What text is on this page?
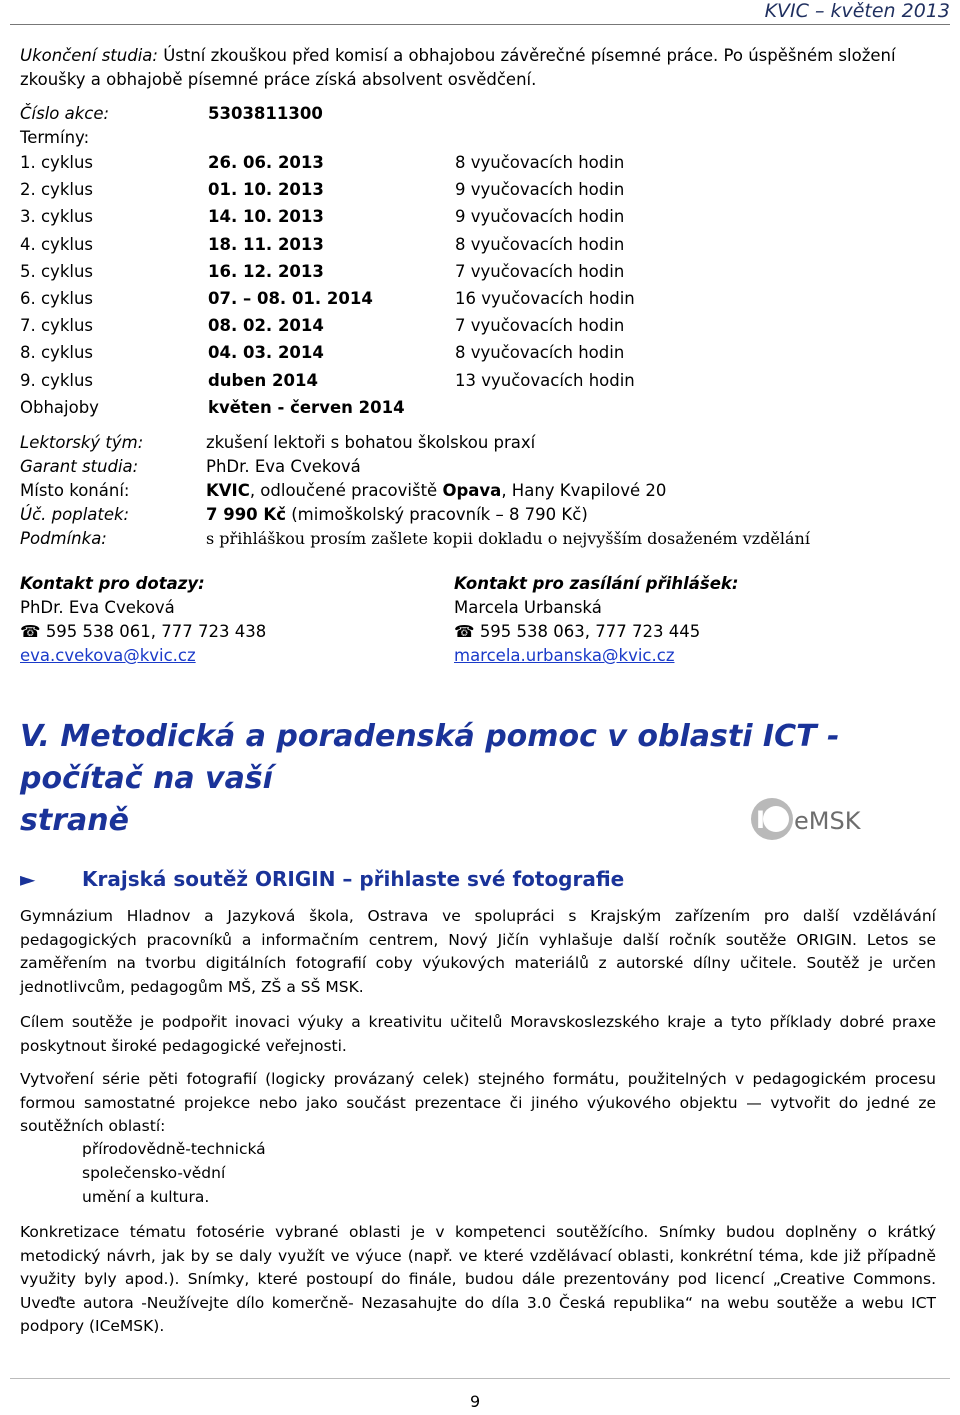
KVIC – květen 2013
Ukončení studia: Ústní zkouškou před komisí a obhajobou závěrečné písemné práce. Po úspěšném složení zkoušky a obhajobě písemné práce získá absolvent osvědčení.
Číslo akce:	5303811300
Termíny:
1. cyklus	26. 06. 2013	8 vyučovacích hodin
2. cyklus	01. 10. 2013	9 vyučovacích hodin
3. cyklus	14. 10. 2013	9 vyučovacích hodin
4. cyklus	18. 11. 2013	8 vyučovacích hodin
5. cyklus	16. 12. 2013	7 vyučovacích hodin
6. cyklus	07. – 08. 01. 2014	16 vyučovacích hodin
7. cyklus	08. 02. 2014	7 vyučovacích hodin
8. cyklus	04. 03. 2014	8 vyučovacích hodin
9. cyklus	duben 2014	13 vyučovacích hodin
Obhajoby	květen - červen 2014
Lektorský tým:	zkušení lektoři s bohatou školskou praxí
Garant studia:	PhDr. Eva Cveková
Místo konání:	KVIC, odloučené pracoviště Opava, Hany Kvapilové 20
Úč. poplatek:	7 990 Kč (mimoškolský pracovník – 8 790 Kč)
Podmínka:	s přihláškou prosím zašlete kopii dokladu o nejvyšším dosaženém vzdělání
Kontakt pro dotazy:
PhDr. Eva Cveková
☎ 595 538 061, 777 723 438
eva.cvekova@kvic.cz
Kontakt pro zasílání přihlášek:
Marcela Urbanská
☎ 595 538 063, 777 723 445
marcela.urbanska@kvic.cz
V. Metodická a poradenská pomoc v oblasti ICT - počítač na vaší
straně	IC eMSK
► Krajská soutěž ORIGIN – přihlaste své fotografie
Gymnázium Hladnov a Jazyková škola, Ostrava ve spolupráci s Krajským zařízením pro další vzdělávání pedagogických pracovníků a informačním centrem, Nový Jičín vyhlašuje další ročník soutěže ORIGIN. Letos se zaměřením na tvorbu digitálních fotografií coby výukových materiálů z autorské dílny učitele. Soutěž je určen jednotlivcům, pedagogům MŠ, ZŠ a SŠ MSK.
Cílem soutěže je podpořit inovaci výuky a kreativitu učitelů Moravskoslezského kraje a tyto příklady dobré praxe poskytnout široké pedagogické veřejnosti.
Vytvoření série pěti fotografií (logicky provázaný celek) stejného formátu, použitelných v pedagogickém procesu formou samostatné projekce nebo jako součást prezentace či jiného výukového objektu — vytvořit do jedné ze soutěžních oblastí:
přírodovědně-technická
společensko-vědní
umění a kultura.
Konkretizace tématu fotosérie vybrané oblasti je v kompetenci soutěžícího. Snímky budou doplněny o krátký metodický návrh, jak by se daly využít ve výuce (např. ve které vzdělávací oblasti, konkrétní téma, kde již případně využity byly apod.). Snímky, které postoupí do finále, budou dále prezentovány pod licencí „Creative Commons. Uveďte autora -Neužívejte dílo komerčně- Nezasahujte do díla 3.0 Česká republika“ na webu soutěže a webu ICT podpory (ICeMSK).
9
